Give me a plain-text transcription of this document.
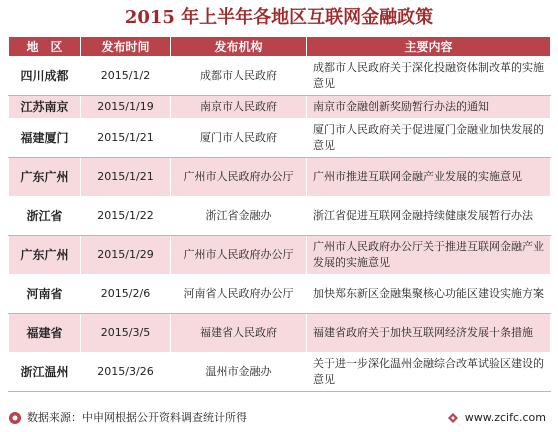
2015 年上半年各地区互联网金融政策
地　区	发布时间	发布机构	主要内容
四川成都	2015/1/2	成都市人民政府	成都市人民政府关于深化投融资体制改革的实施意见
江苏南京	2015/1/19	南京市人民政府	南京市金融创新奖励暂行办法的通知
福建厦门	2015/1/21	厦门市人民政府	厦门市人民政府关于促进厦门金融业加快发展的意见
广东广州	2015/1/21	广州市人民政府办公厅	广州市推进互联网金融产业发展的实施意见
浙江省	2015/1/22	浙江省金融办	浙江省促进互联网金融持续健康发展暂行办法
广东广州	2015/1/29	广州市人民政府办公厅	广州市人民政府办公厅关于推进互联网金融产业发展的实施意见
河南省	2015/2/6	河南省人民政府办公厅	加快郑东新区金融集聚核心功能区建设实施方案
福建省	2015/3/5	福建省人民政府	福建省政府关于加快互联网经济发展十条措施
浙江温州	2015/3/26	温州市金融办	关于进一步深化温州金融综合改革试验区建设的意见
数据来源：中申网根据公开资料调查统计所得	www.zcifc.com
